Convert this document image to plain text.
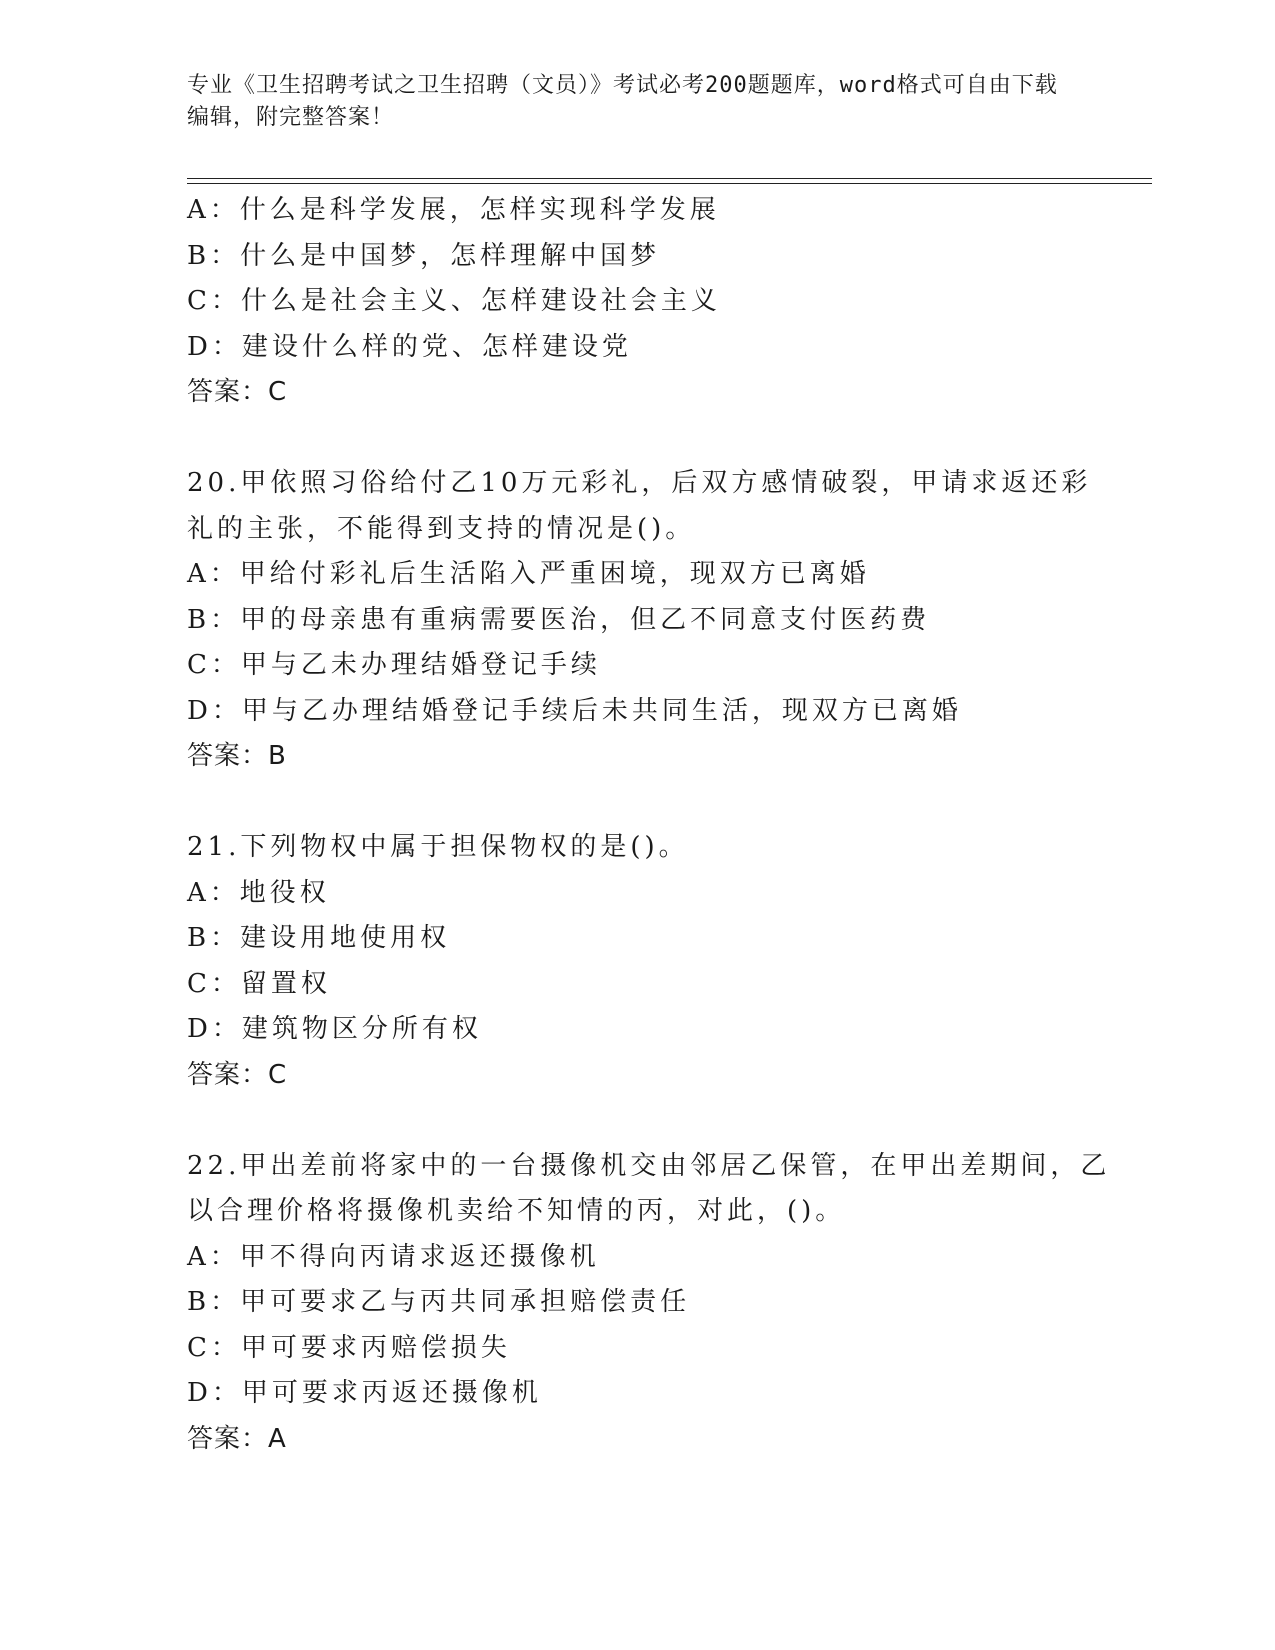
专业《卫生招聘考试之卫生招聘（文员）》考试必考200题题库，word格式可自由下载编辑，附完整答案！

A：什么是科学发展，怎样实现科学发展
B：什么是中国梦，怎样理解中国梦
C：什么是社会主义、怎样建设社会主义
D：建设什么样的党、怎样建设党
答案：C
20.甲依照习俗给付乙10万元彩礼，后双方感情破裂，甲请求返还彩
礼的主张，不能得到支持的情况是()。
A：甲给付彩礼后生活陷入严重困境，现双方已离婚
B：甲的母亲患有重病需要医治，但乙不同意支付医药费
C：甲与乙未办理结婚登记手续
D：甲与乙办理结婚登记手续后未共同生活，现双方已离婚
答案：B
21.下列物权中属于担保物权的是()。
A：地役权
B：建设用地使用权
C：留置权
D：建筑物区分所有权
答案：C
22.甲出差前将家中的一台摄像机交由邻居乙保管，在甲出差期间，乙
以合理价格将摄像机卖给不知情的丙，对此，()。
A：甲不得向丙请求返还摄像机
B：甲可要求乙与丙共同承担赔偿责任
C：甲可要求丙赔偿损失
D：甲可要求丙返还摄像机
答案：A
